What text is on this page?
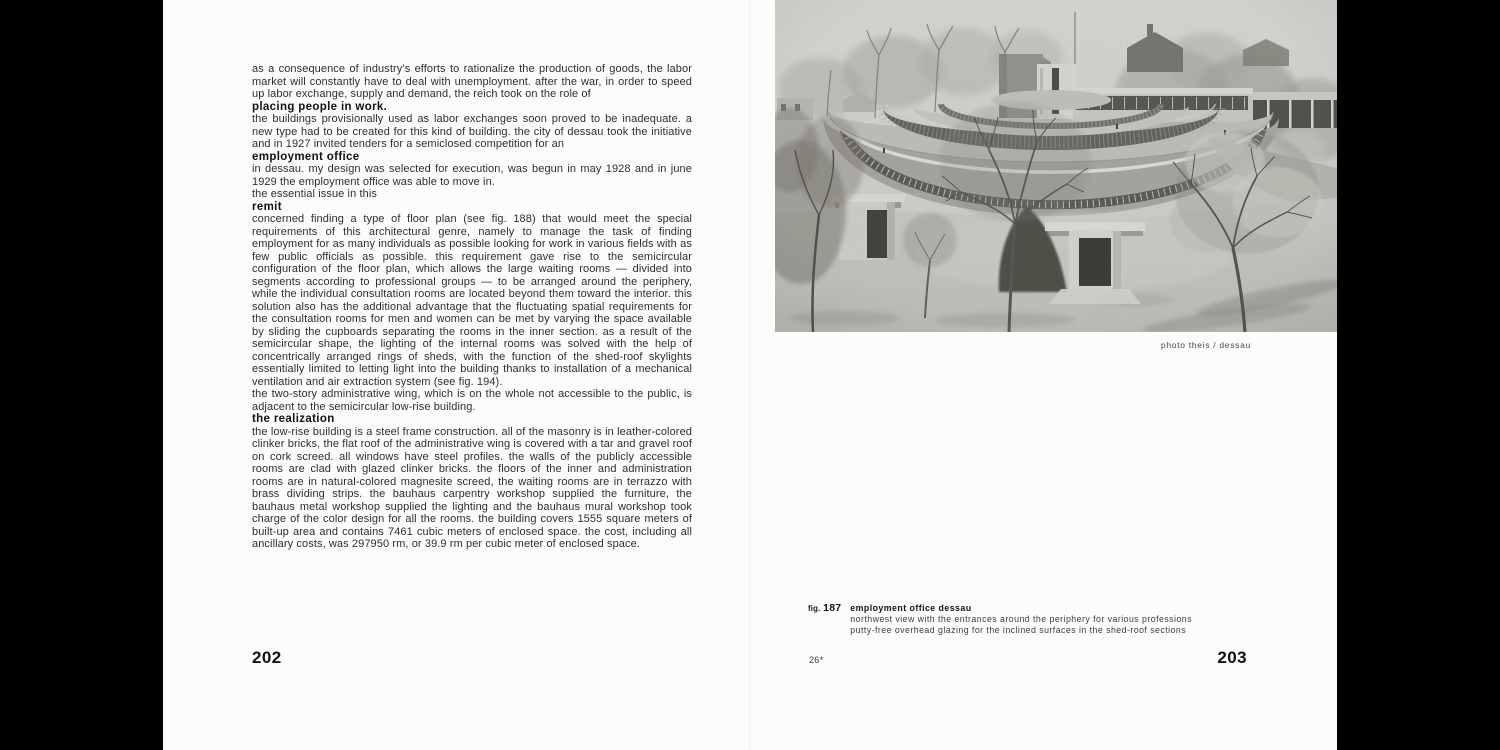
as a consequence of industry’s efforts to rationalize the production of goods, the labor market will constantly have to deal with unemployment. after the war, in order to speed up labor exchange, supply and demand, the reich took on the role of

placing people in work.

the buildings provisionally used as labor exchanges soon proved to be inadequate. a new type had to be created for this kind of building. the city of dessau took the initiative and in 1927 invited tenders for a semiclosed competition for an

employment office

in dessau. my design was selected for execution, was begun in may 1928 and in june 1929 the employment office was able to move in.

the essential issue in this

remit

concerned finding a type of floor plan (see fig. 188) that would meet the special requirements of this architectural genre, namely to manage the task of finding employment for as many individuals as possible looking for work in various fields with as few public officials as possible. this requirement gave rise to the semicircular configuration of the floor plan, which allows the large waiting rooms — divided into segments according to professional groups — to be arranged around the periphery, while the individual consultation rooms are located beyond them toward the interior. this solution also has the additional advantage that the fluctuating spatial requirements for the consultation rooms for men and women can be met by varying the space available by sliding the cupboards separating the rooms in the inner section. as a result of the semicircular shape, the lighting of the internal rooms was solved with the help of concentrically arranged rings of sheds, with the function of the shed-roof skylights essentially limited to letting light into the building thanks to installation of a mechanical ventilation and air extraction system (see fig. 194).

the two-story administrative wing, which is on the whole not accessible to the public, is adjacent to the semicircular low-rise building.

the realization

the low-rise building is a steel frame construction. all of the masonry is in leather-colored clinker bricks, the flat roof of the administrative wing is covered with a tar and gravel roof on cork screed. all windows have steel profiles. the walls of the publicly accessible rooms are clad with glazed clinker bricks. the floors of the inner and administration rooms are in natural-colored magnesite screed, the waiting rooms are in terrazzo with brass dividing strips. the bauhaus carpentry workshop supplied the furniture, the bauhaus metal workshop supplied the lighting and the bauhaus mural workshop took charge of the color design for all the rooms. the building covers 1555 square meters of built-up area and contains 7461 cubic meters of enclosed space. the cost, including all ancillary costs, was 297950 rm, or 39.9 rm per cubic meter of enclosed space.

202
photo theis / dessau
fig. 187 employment office dessau
northwest view with the entrances around the periphery for various professions
putty-free overhead glazing for the inclined surfaces in the shed-roof sections
26*	203
